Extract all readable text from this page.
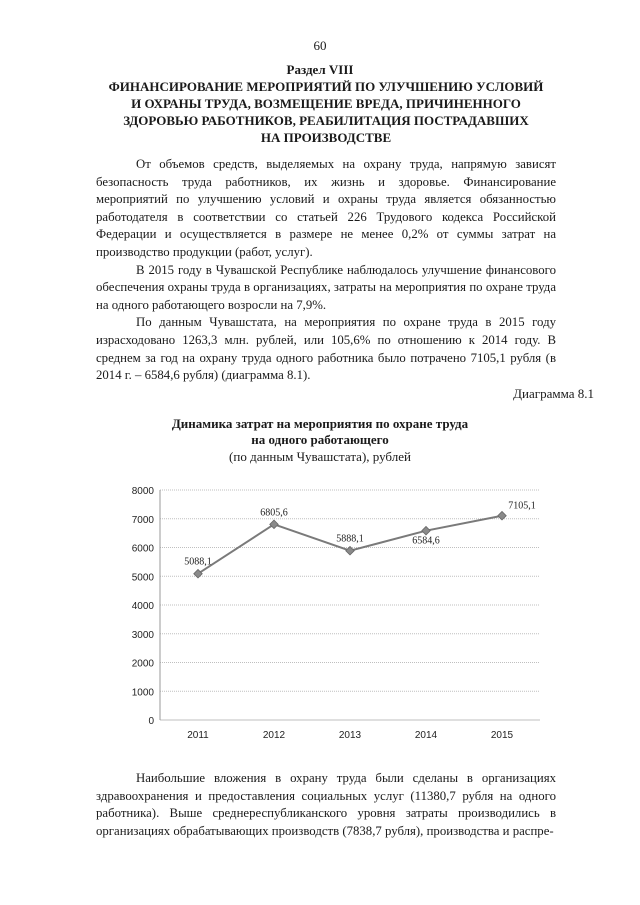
60
Раздел VIII
ФИНАНСИРОВАНИЕ МЕРОПРИЯТИЙ ПО УЛУЧШЕНИЮ УСЛОВИЙ
И ОХРАНЫ ТРУДА, ВОЗМЕЩЕНИЕ ВРЕДА, ПРИЧИНЕННОГО
ЗДОРОВЬЮ РАБОТНИКОВ, РЕАБИЛИТАЦИЯ ПОСТРАДАВШИХ
НА ПРОИЗВОДСТВЕ

От объемов средств, выделяемых на охрану труда, напрямую зависят безопасность труда работников, их жизнь и здоровье. Финансирование мероприятий по улучшению условий и охраны труда является обязанностью работодателя в соответствии со статьей 226 Трудового кодекса Российской Федерации и осуществляется в размере не менее 0,2% от суммы затрат на производство продукции (работ, услуг).

В 2015 году в Чувашской Республике наблюдалось улучшение финансового обеспечения охраны труда в организациях, затраты на мероприятия по охране труда на одного работающего возросли на 7,9%.

По данным Чувашстата, на мероприятия по охране труда в 2015 году израсходовано 1263,3 млн. рублей, или 105,6% по отношению к 2014 году. В среднем за год на охрану труда одного работника было потрачено 7105,1 рубля (в 2014 г. – 6584,6 рубля) (диаграмма 8.1).

Диаграмма 8.1
Динамика затрат на мероприятия по охране труда
на одного работающего
(по данным Чувашстата), рублей
0
1000
2000
3000
4000
5000
6000
7000
8000
2011	2012	2013	2014	2015
5088,1
6805,6
5888,1	6584,6
7105,1

Наибольшие вложения в охрану труда были сделаны в организациях здравоохранения и предоставления социальных услуг (11380,7 рубля на одного работника). Выше среднереспубликанского уровня затраты производились в организациях обрабатывающих производств (7838,7 рубля), производства и распре-
